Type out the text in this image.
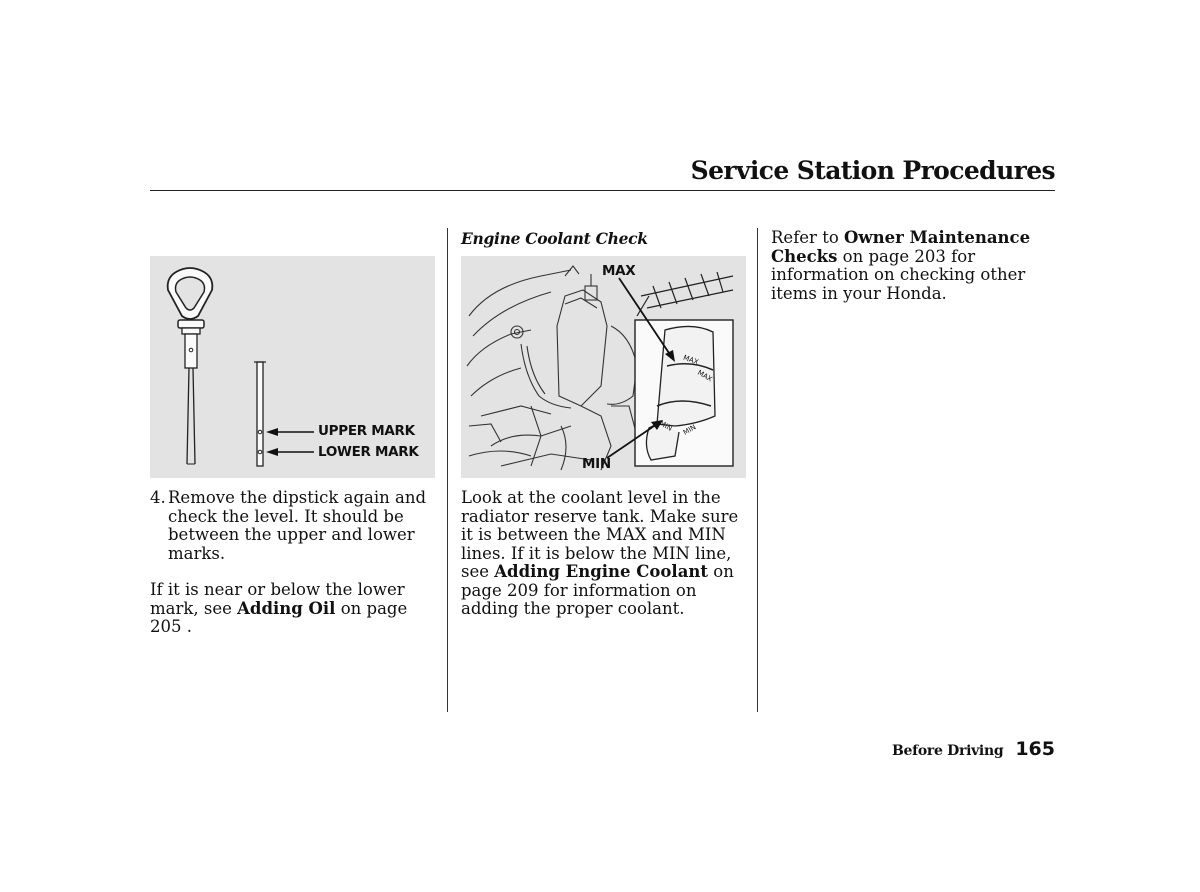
Service Station Procedures
UPPER MARK
LOWER MARK
4. Remove the dipstick again and check the level. It should be between the upper and lower marks.

If it is near or below the lower mark, see Adding Oil on page 205 .

Engine Coolant Check
MAX
MIN
MAX
MAX
MIN MIN
Look at the coolant level in the radiator reserve tank. Make sure it is between the MAX and MIN lines. If it is below the MIN line, see Adding Engine Coolant on page 209 for information on adding the proper coolant.
Refer to Owner Maintenance Checks on page 203 for information on checking other items in your Honda.
Before Driving 165
